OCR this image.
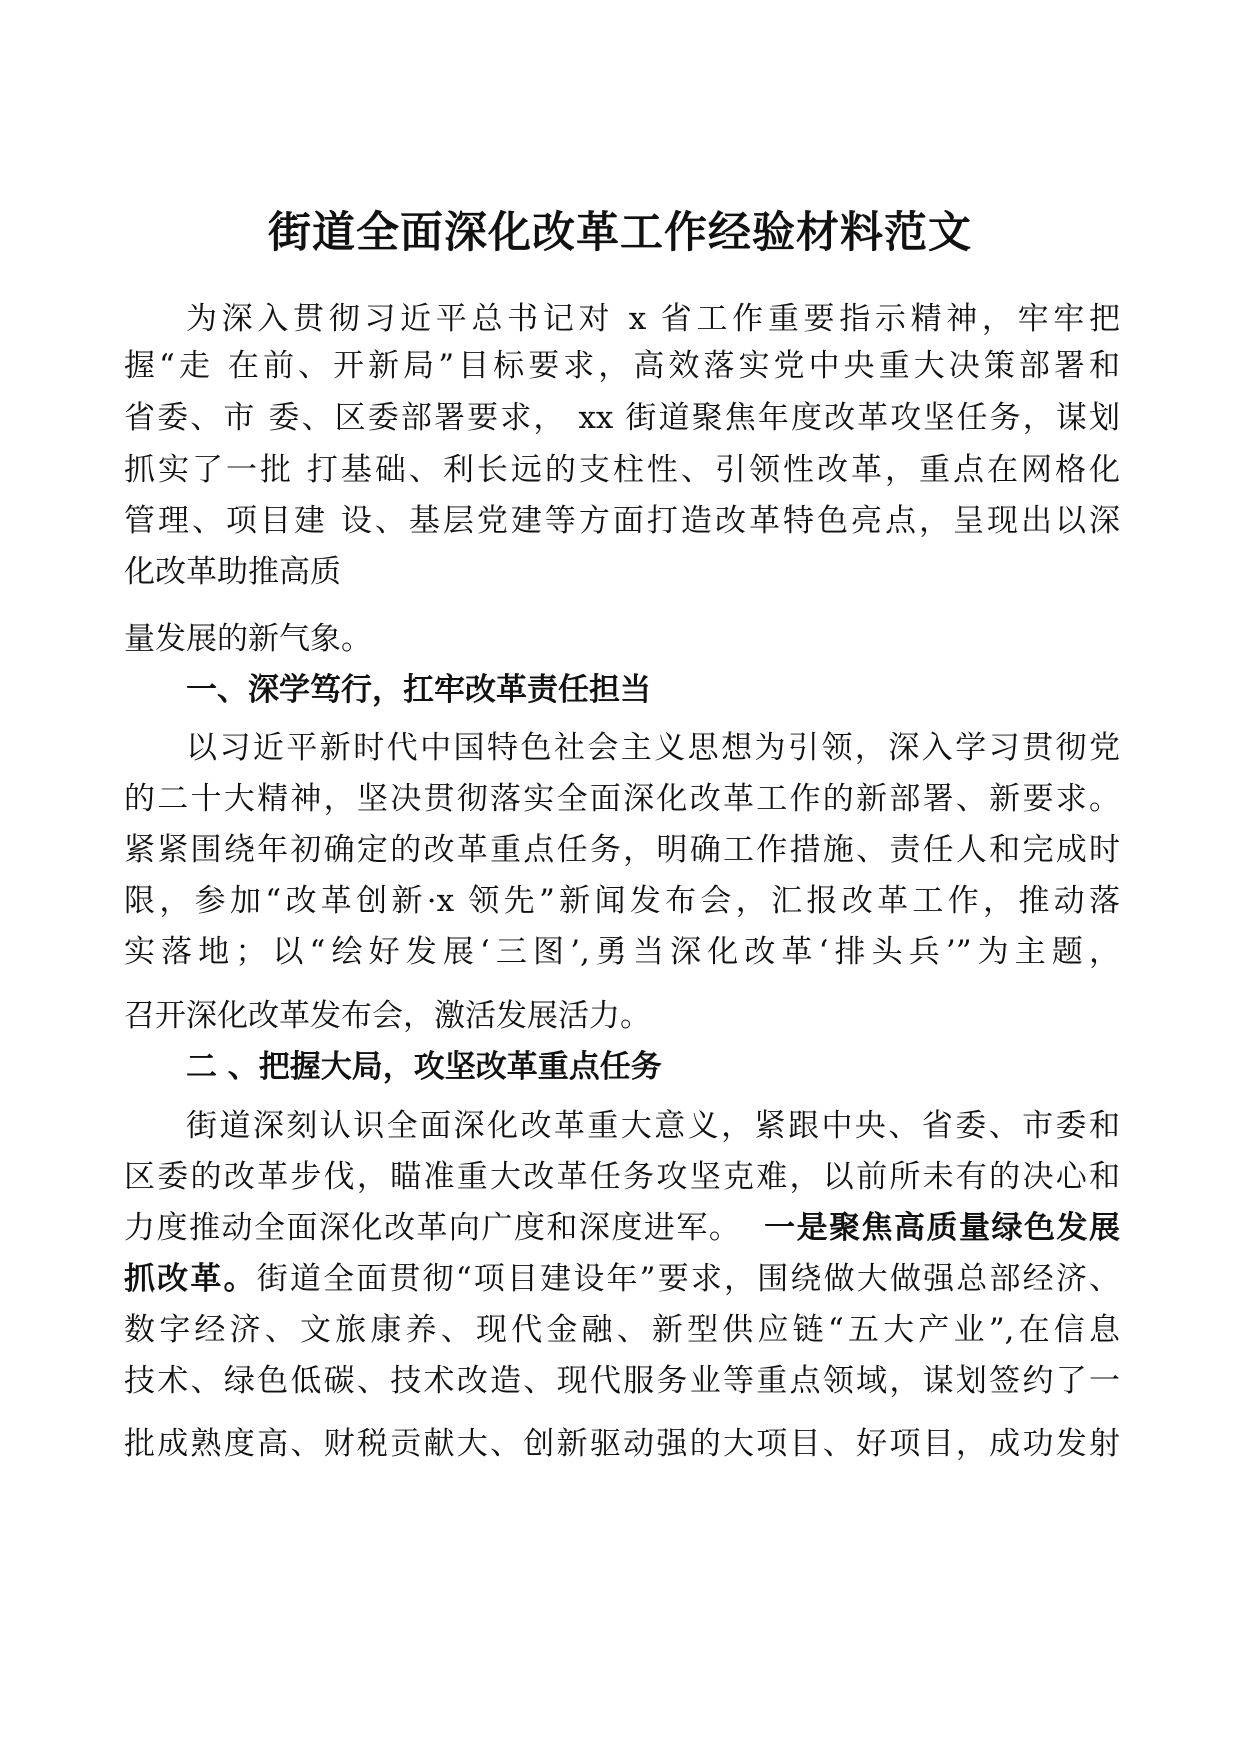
街道全面深化改革工作经验材料范文

为深入贯彻习近平总书记对 x 省工作重要指示精神，牢牢把

握“走 在前、开新局”目标要求，高效落实党中央重大决策部署和

省委、市 委、区委部署要求， xx 街道聚焦年度改革攻坚任务，谋划

抓实了一批 打基础、利长远的支柱性、引领性改革，重点在网格化

管理、项目建 设、基层党建等方面打造改革特色亮点，呈现出以深

化改革助推高质

量发展的新气象。

一、深学笃行，扛牢改革责任担当

以习近平新时代中国特色社会主义思想为引领，深入学习贯彻党

的二十大精神，坚决贯彻落实全面深化改革工作的新部署、新要求。

紧紧围绕年初确定的改革重点任务，明确工作措施、责任人和完成时

限，参加“改革创新·x 领先”新闻发布会，汇报改革工作，推动落

实落地；以“绘好发展‘三图’,勇当深化改革‘排头兵’”为主题，

召开深化改革发布会，激活发展活力。

二 、把握大局，攻坚改革重点任务

街道深刻认识全面深化改革重大意义，紧跟中央、省委、市委和

区委的改革步伐，瞄准重大改革任务攻坚克难，以前所未有的决心和

力度推动全面深化改革向广度和深度进军。 一是聚焦高质量绿色发展

抓改革。街道全面贯彻“项目建设年”要求，围绕做大做强总部经济、

数字经济、文旅康养、现代金融、新型供应链“五大产业”,在信息

技术、绿色低碳、技术改造、现代服务业等重点领域，谋划签约了一

批成熟度高、财税贡献大、创新驱动强的大项目、好项目，成功发射
